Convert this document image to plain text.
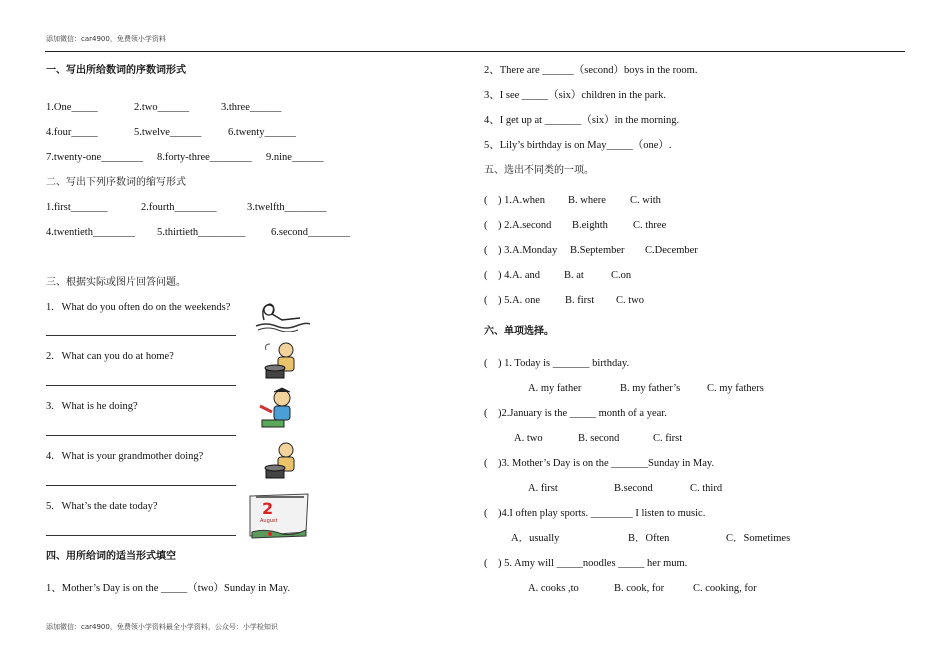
添加微信：car4900，免费领小学资料
添加微信：car4900，免费领小学资料最全小学资料，公众号：小学检知识
一、写出所给数词的序数词形式
1.One_____	2.two______	3.three______
4.four_____	5.twelve______	6.twenty______
7.twenty-one________ 8.forty-three________ 9.nine______
二、写出下列序数词的缩写形式
1.first_______	2.fourth________	3.twelfth________
4.twentieth________ 5.thirtieth_________ 6.second________
三、根据实际或图片回答问题。
1.   What do you often do on the weekends?
2.   What can you do at home?
3.   What is he doing?
4.   What is your grandmother doing?
5.   What’s the date today?	2
August
四、用所给词的适当形式填空
1、Mother’s Day is on the _____（two）Sunday in May.
2、There are ______（second）boys in the room.
3、I see _____（six）children in the park.
4、I get up at _______（six）in the morning.
5、Lily’s birthday is on May_____（one）.
五、选出不同类的一项。
(    ) 1.A.when B. where C. with
(    ) 2.A.second B.eighth C. three
(    ) 3.A.Monday B.September C.December
(    ) 4.A. and B. at	C.on
(    ) 5.A. one B. first C. two
六、单项选择。
(    ) 1. Today is _______ birthday.
A. my father	B. my father’s	C. my fathers
(    )2.January is the _____ month of a year.
A. two	B. second	C. first
(    )3. Mother’s Day is on the _______Sunday in May.
A. first	B.second	C. third
(    )4.I often play sports. ________ I listen to music.
A．usually	B．Often	C．Sometimes
(    ) 5. Amy will _____noodles _____ her mum.
A. cooks ,to	B. cook, for	C. cooking, for
